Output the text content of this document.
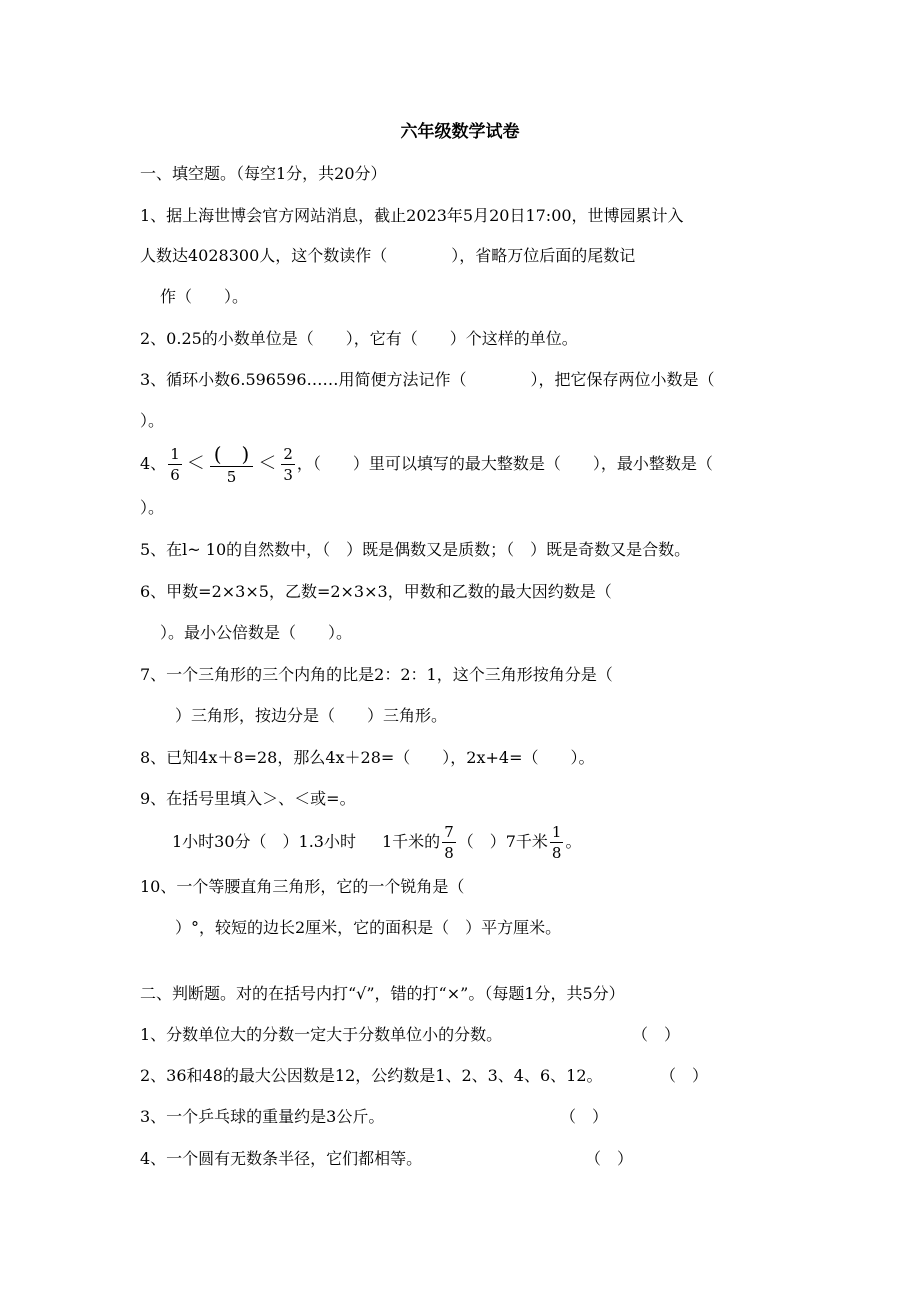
六年级数学试卷
一、填空题。（每空1分，共20分）
1、据上海世博会官方网站消息，截止2023年5月20日17:00，世博园累计入
人数达4028300人，这个数读作（　　　　），省略万位后面的尾数记
作（　　）。
2、0.25的小数单位是（　　），它有（　　）个这样的单位。
3、循环小数6.596596……用简便方法记作（　　　　），把它保存两位小数是（
）。
4、 $\frac{1}{6} < \frac{( )}{5} < \frac{2}{3}$ ，（　　）里可以填写的最大整数是（　　），最小整数是（
）。
5、在l~ 10的自然数中，（　）既是偶数又是质数；（　）既是奇数又是合数。
6、甲数=2×3×5，乙数=2×3×3，甲数和乙数的最大因约数是（
）。最小公倍数是（　　）。
7、一个三角形的三个内角的比是2：2：1，这个三角形按角分是（
）三角形，按边分是（　　）三角形。
8、已知4x＋8=28，那么4x＋28=（　　），2x+4=（　　）。
9、在括号里填入＞、＜或=。
1小时30分（　）1.3小时 1千米的 $\frac{7}{8}$ （　）7千米 $\frac{1}{8}$ 。
10、一个等腰直角三角形，它的一个锐角是（
）°，较短的边长2厘米，它的面积是（　）平方厘米。
二、判断题。对的在括号内打“√”，错的打“×”。（每题1分，共5分）
1、分数单位大的分数一定大于分数单位小的分数。	（　）
2、36和48的最大公因数是12，公约数是1、2、3、4、6、12。	（　）
3、一个乒乓球的重量约是3公斤。	（　）
4、一个圆有无数条半径，它们都相等。	（　）
